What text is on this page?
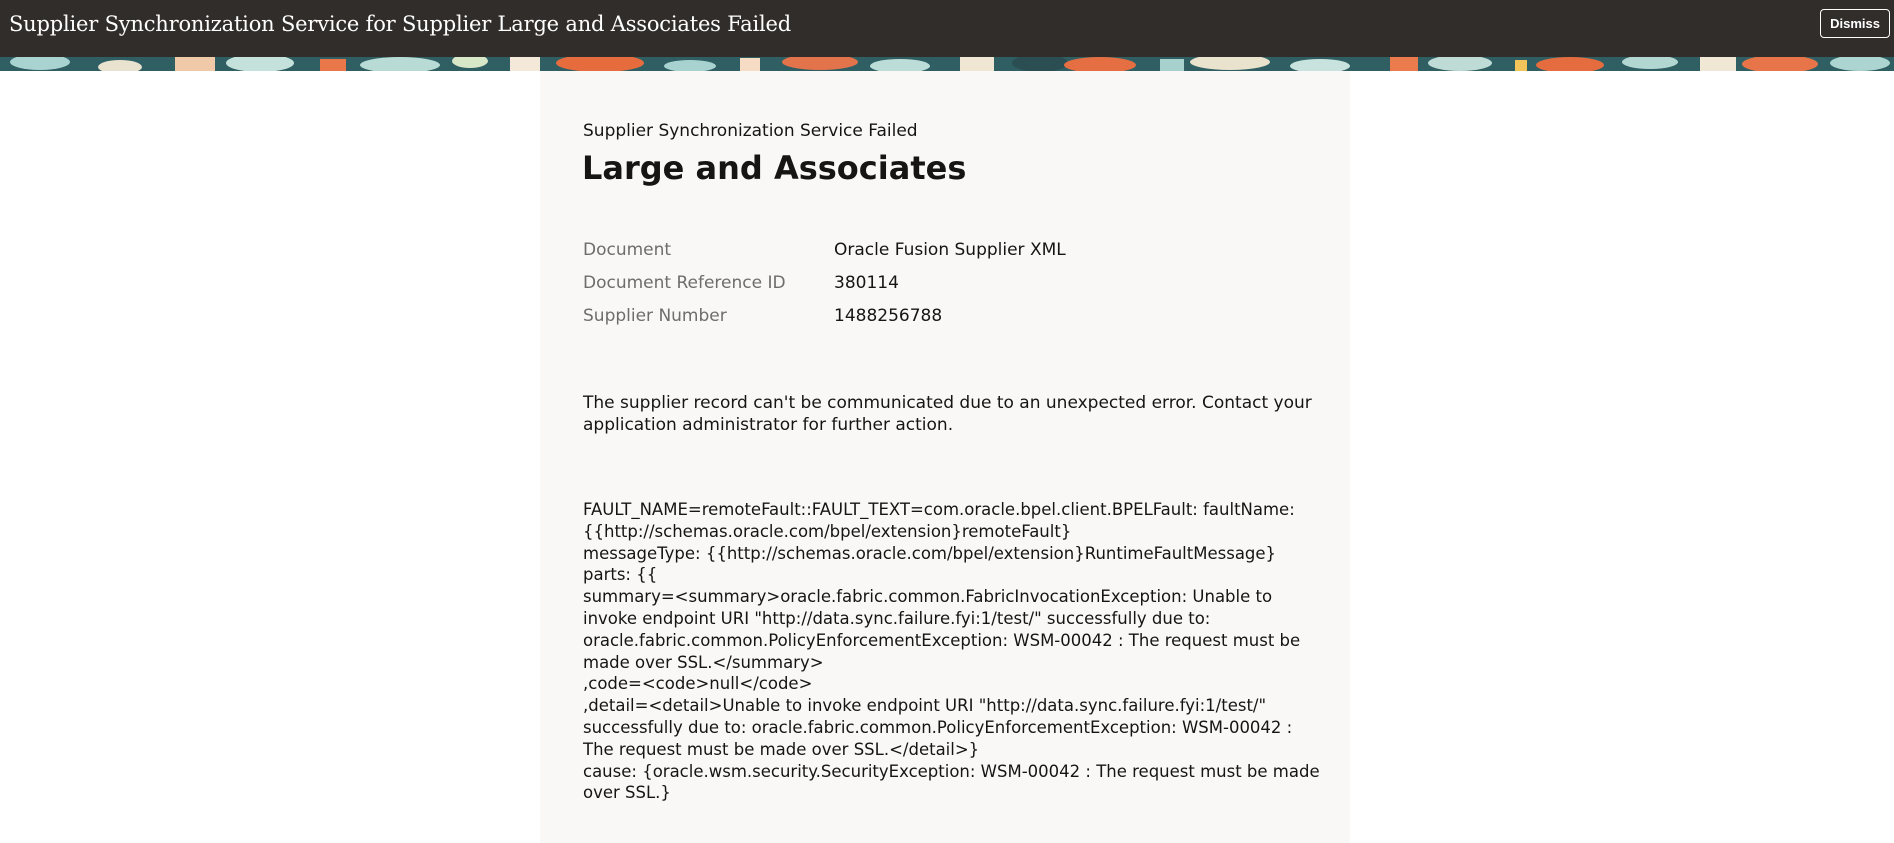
Supplier Synchronization Service for Supplier Large and Associates Failed	Dismiss
Supplier Synchronization Service Failed
Large and Associates
Document	Oracle Fusion Supplier XML
Document Reference ID	380114
Supplier Number	1488256788
The supplier record can't be communicated due to an unexpected error. Contact your
application administrator for further action.
FAULT_NAME=remoteFault::FAULT_TEXT=com.oracle.bpel.client.BPELFault: faultName:
{{http://schemas.oracle.com/bpel/extension}remoteFault}
messageType: {{http://schemas.oracle.com/bpel/extension}RuntimeFaultMessage}
parts: {{
summary=<summary>oracle.fabric.common.FabricInvocationException: Unable to
invoke endpoint URI "http://data.sync.failure.fyi:1/test/" successfully due to:
oracle.fabric.common.PolicyEnforcementException: WSM-00042 : The request must be
made over SSL.</summary>
,code=<code>null</code>
,detail=<detail>Unable to invoke endpoint URI "http://data.sync.failure.fyi:1/test/"
successfully due to: oracle.fabric.common.PolicyEnforcementException: WSM-00042 :
The request must be made over SSL.</detail>}
cause: {oracle.wsm.security.SecurityException: WSM-00042 : The request must be made
over SSL.}
